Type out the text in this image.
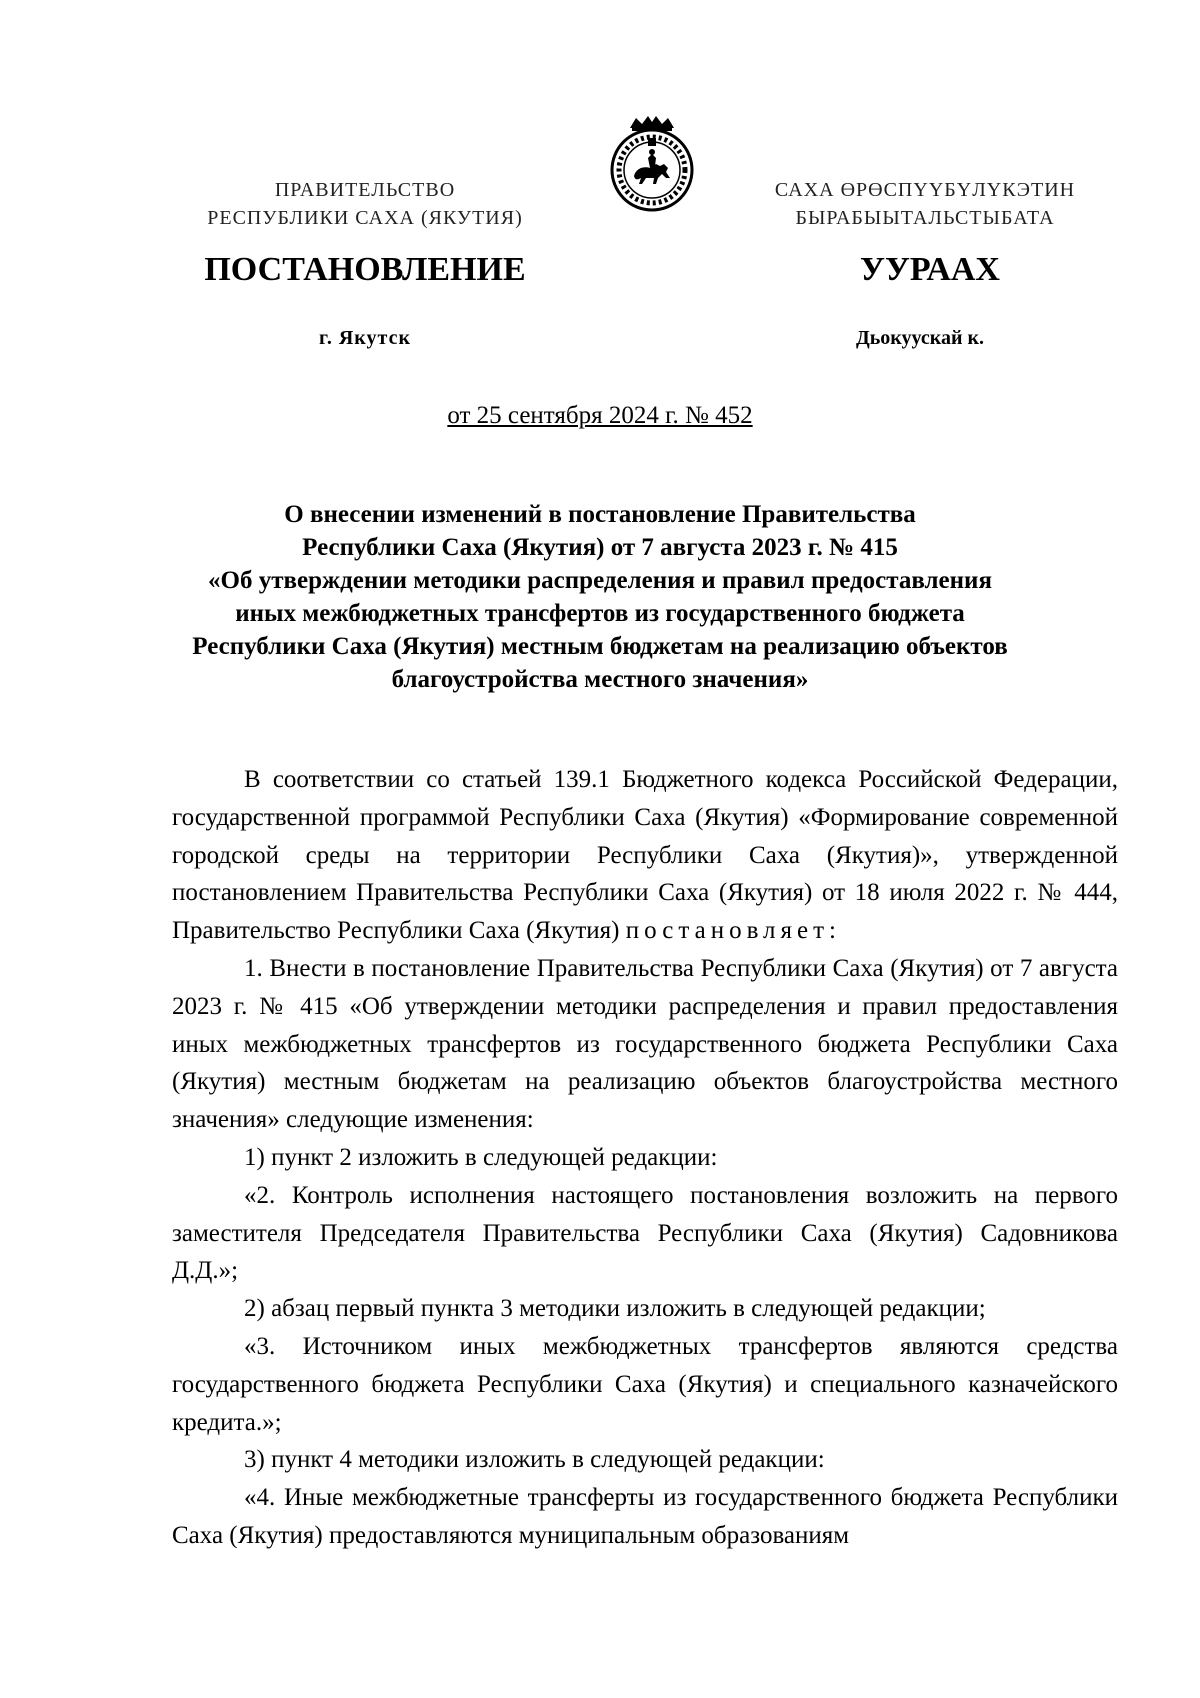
ПРАВИТЕЛЬСТВО
РЕСПУБЛИКИ САХА (ЯКУТИЯ)
САХА ӨРӨСПҮҮБҮЛҮКЭТИН
БЫРАБЫЫТАЛЬСТЫБАТА
ПОСТАНОВЛЕНИЕ	УУРААХ
г. Якутск	Дьокуускай к.
от 25 сентября 2024 г. № 452
О внесении изменений в постановление Правительства
Республики Саха (Якутия) от 7 августа 2023 г. № 415
«Об утверждении методики распределения и правил предоставления
иных межбюджетных трансфертов из государственного бюджета
Республики Саха (Якутия) местным бюджетам на реализацию объектов
благоустройства местного значения»

В соответствии со статьей 139.1 Бюджетного кодекса Российской Федерации, государственной программой Республики Саха (Якутия) «Формирование современной городской среды на территории Республики Саха (Якутия)», утвержденной постановлением Правительства Республики Саха (Якутия) от 18 июля 2022 г. № 444, Правительство Республики Саха (Якутия) постановляет:

1. Внести в постановление Правительства Республики Саха (Якутия) от 7 августа 2023 г. № 415 «Об утверждении методики распределения и правил предоставления иных межбюджетных трансфертов из государственного бюджета Республики Саха (Якутия) местным бюджетам на реализацию объектов благоустройства местного значения» следующие изменения:

1) пункт 2 изложить в следующей редакции:

«2. Контроль исполнения настоящего постановления возложить на первого заместителя Председателя Правительства Республики Саха (Якутия) Садовникова Д.Д.»;

2) абзац первый пункта 3 методики изложить в следующей редакции;

«3. Источником иных межбюджетных трансфертов являются средства государственного бюджета Республики Саха (Якутия) и специального казначейского кредита.»;

3) пункт 4 методики изложить в следующей редакции:

«4. Иные межбюджетные трансферты из государственного бюджета Республики Саха (Якутия) предоставляются муниципальным образованиям
